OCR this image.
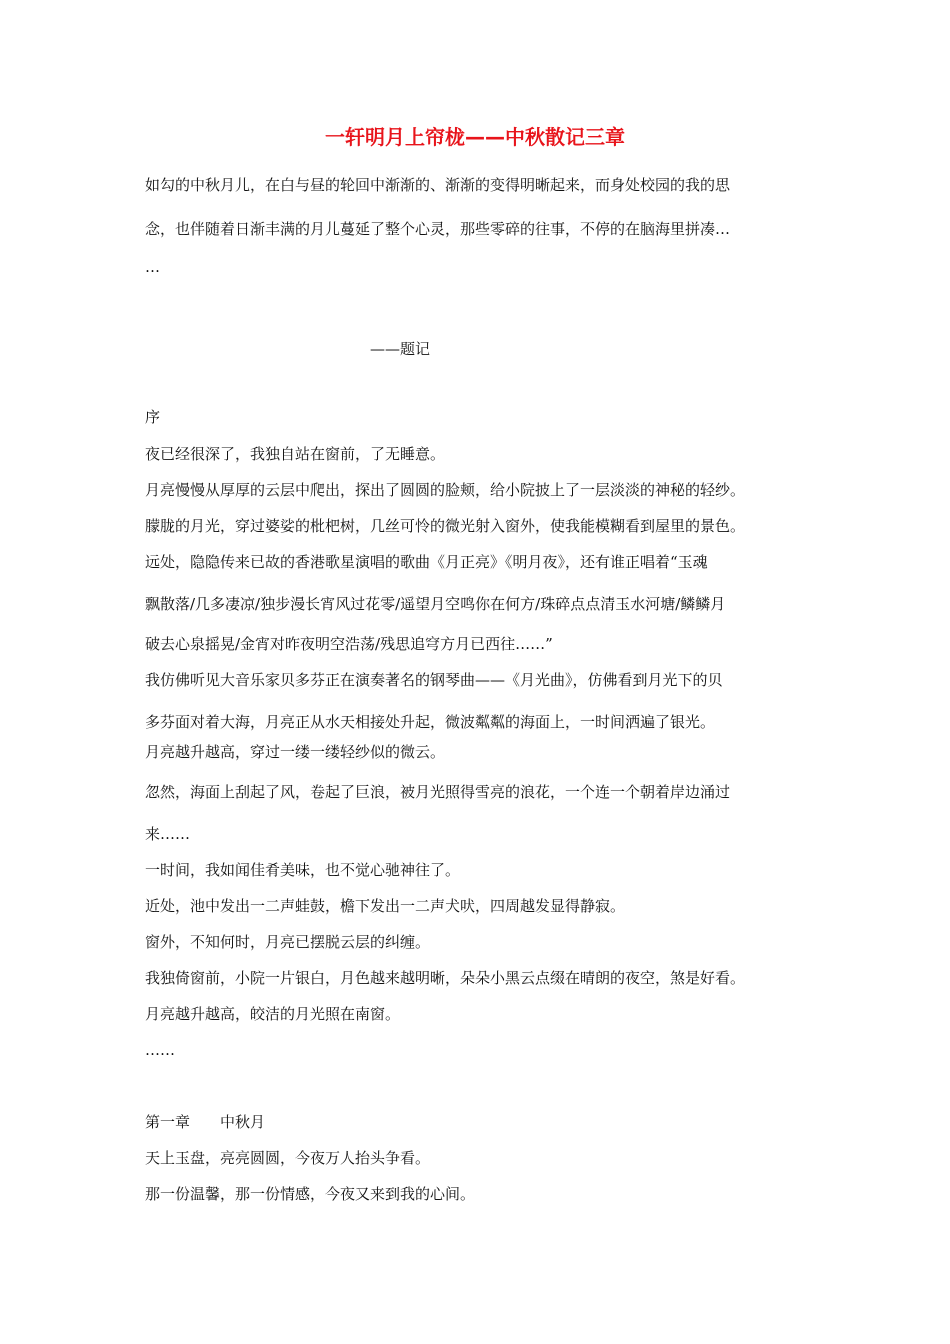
一轩明月上帘栊——中秋散记三章

如勾的中秋月儿，在白与昼的轮回中渐渐的、渐渐的变得明晰起来，而身处校园的我的思

念，也伴随着日渐丰满的月儿蔓延了整个心灵，那些零碎的往事，不停的在脑海里拼凑…

…

——题记

序

夜已经很深了，我独自站在窗前，了无睡意。

月亮慢慢从厚厚的云层中爬出，探出了圆圆的脸颊，给小院披上了一层淡淡的神秘的轻纱。

朦胧的月光，穿过婆娑的枇杷树，几丝可怜的微光射入窗外，使我能模糊看到屋里的景色。

远处，隐隐传来已故的香港歌星演唱的歌曲《月正亮》《明月夜》，还有谁正唱着“玉魂

飘散落/几多凄凉/独步漫长宵风过花零/遥望月空鸣你在何方/珠碎点点清玉水河塘/鳞鳞月

破去心泉摇晃/金宵对昨夜明空浩荡/残思追穹方月已西往……”

我仿佛听见大音乐家贝多芬正在演奏著名的钢琴曲——《月光曲》，仿佛看到月光下的贝

多芬面对着大海，月亮正从水天相接处升起，微波粼粼的海面上，一时间洒遍了银光。

月亮越升越高，穿过一缕一缕轻纱似的微云。

忽然，海面上刮起了风，卷起了巨浪，被月光照得雪亮的浪花，一个连一个朝着岸边涌过

来……

一时间，我如闻佳肴美味，也不觉心驰神往了。

近处，池中发出一二声蛙鼓，檐下发出一二声犬吠，四周越发显得静寂。

窗外，不知何时，月亮已摆脱云层的纠缠。

我独倚窗前，小院一片银白，月色越来越明晰，朵朵小黑云点缀在晴朗的夜空，煞是好看。

月亮越升越高，皎洁的月光照在南窗。

……

第一章 中秋月

天上玉盘，亮亮圆圆，今夜万人抬头争看。

那一份温馨，那一份情感，今夜又来到我的心间。
